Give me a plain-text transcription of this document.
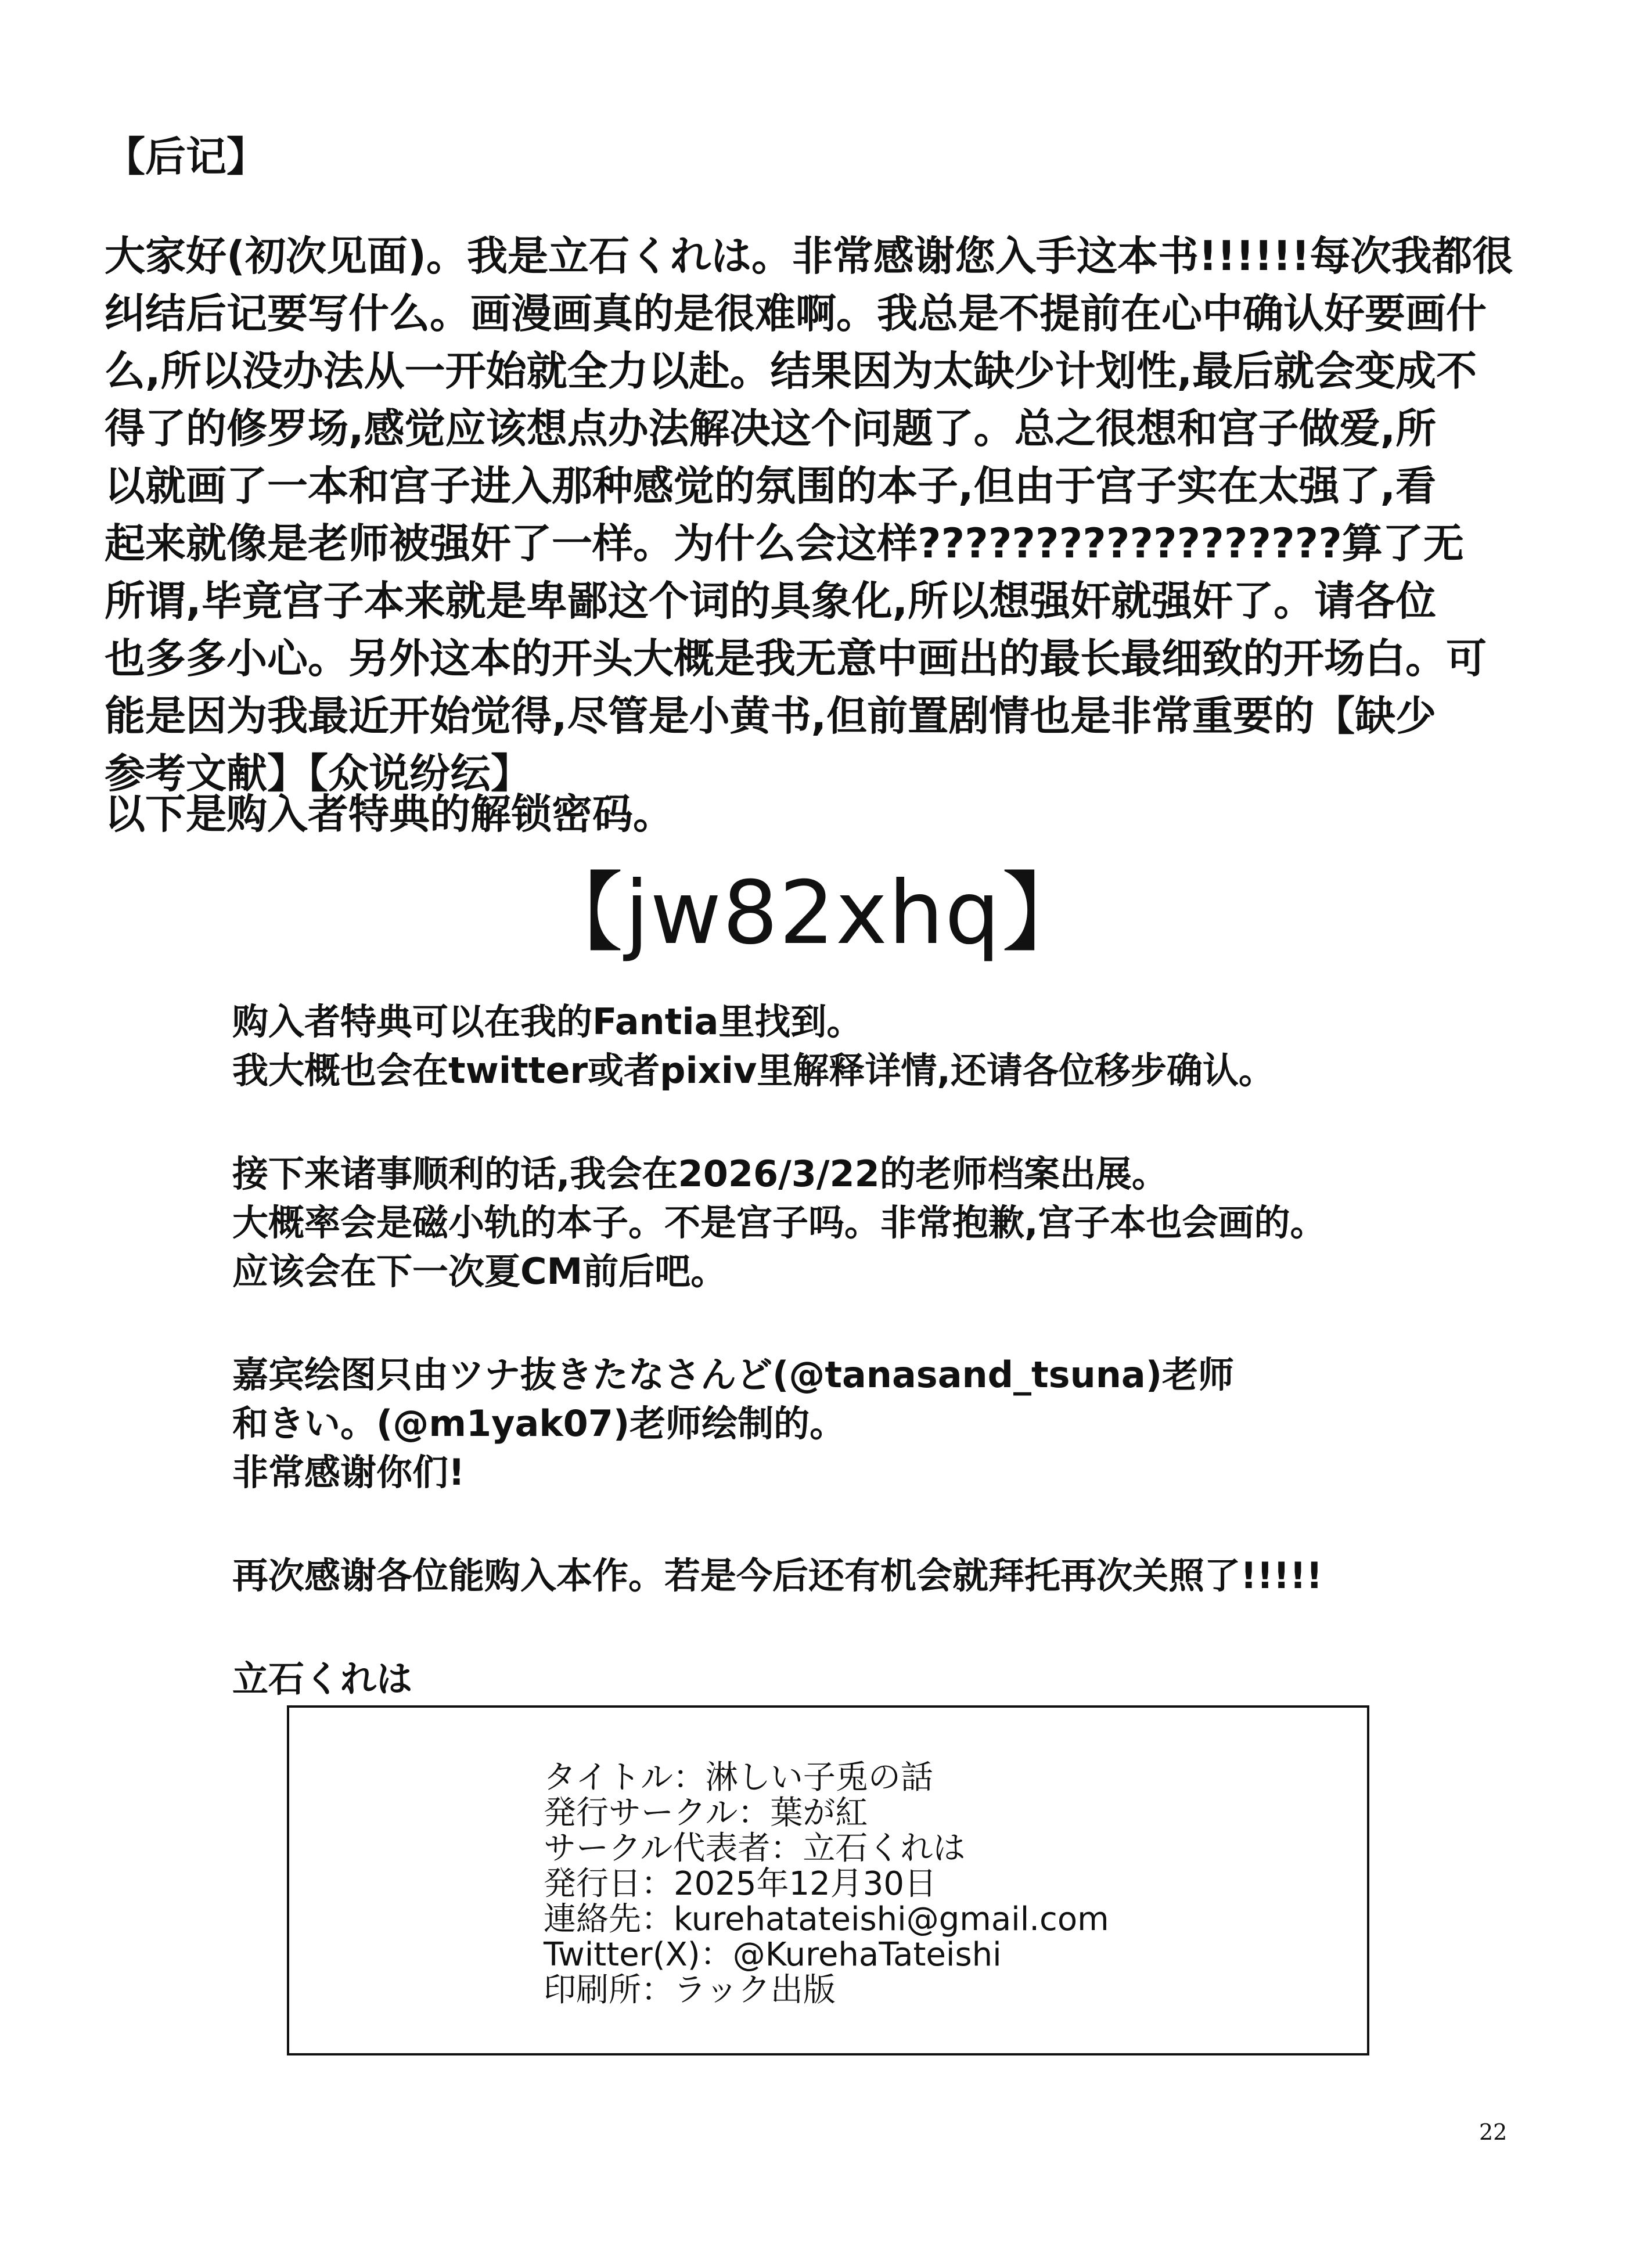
【后记】

大家好(初次见面)。我是立石くれは。非常感谢您入手这本书!!!!!!每次我都很
纠结后记要写什么。画漫画真的是很难啊。我总是不提前在心中确认好要画什
么,所以没办法从一开始就全力以赴。结果因为太缺少计划性,最后就会变成不
得了的修罗场,感觉应该想点办法解决这个问题了。总之很想和宫子做爱,所
以就画了一本和宫子进入那种感觉的氛围的本子,但由于宫子实在太强了,看
起来就像是老师被强奸了一样。为什么会这样??????????????????算了无
所谓,毕竟宫子本来就是卑鄙这个词的具象化,所以想强奸就强奸了。请各位
也多多小心。另外这本的开头大概是我无意中画出的最长最细致的开场白。可
能是因为我最近开始觉得,尽管是小黄书,但前置剧情也是非常重要的【缺少
参考文献】【众说纷纭】

以下是购入者特典的解锁密码。
【jw82xhq】
购入者特典可以在我的Fantia里找到。
我大概也会在twitter或者pixiv里解释详情,还请各位移步确认。
接下来诸事顺利的话,我会在2026/3/22的老师档案出展。
大概率会是磁小轨的本子。不是宫子吗。非常抱歉,宫子本也会画的。
应该会在下一次夏CM前后吧。
嘉宾绘图只由ツナ抜きたなさんど(@tanasand_tsuna)老师
和きい。(@m1yak07)老师绘制的。
非常感谢你们!
再次感谢各位能购入本作。若是今后还有机会就拜托再次关照了!!!!!
立石くれは
タイトル：淋しい子兎の話
発行サークル：葉が紅
サークル代表者：立石くれは
発行日：2025年12月30日
連絡先：kurehatateishi@gmail.com
Twitter(X)：@KurehaTateishi
印刷所：ラック出版
22
